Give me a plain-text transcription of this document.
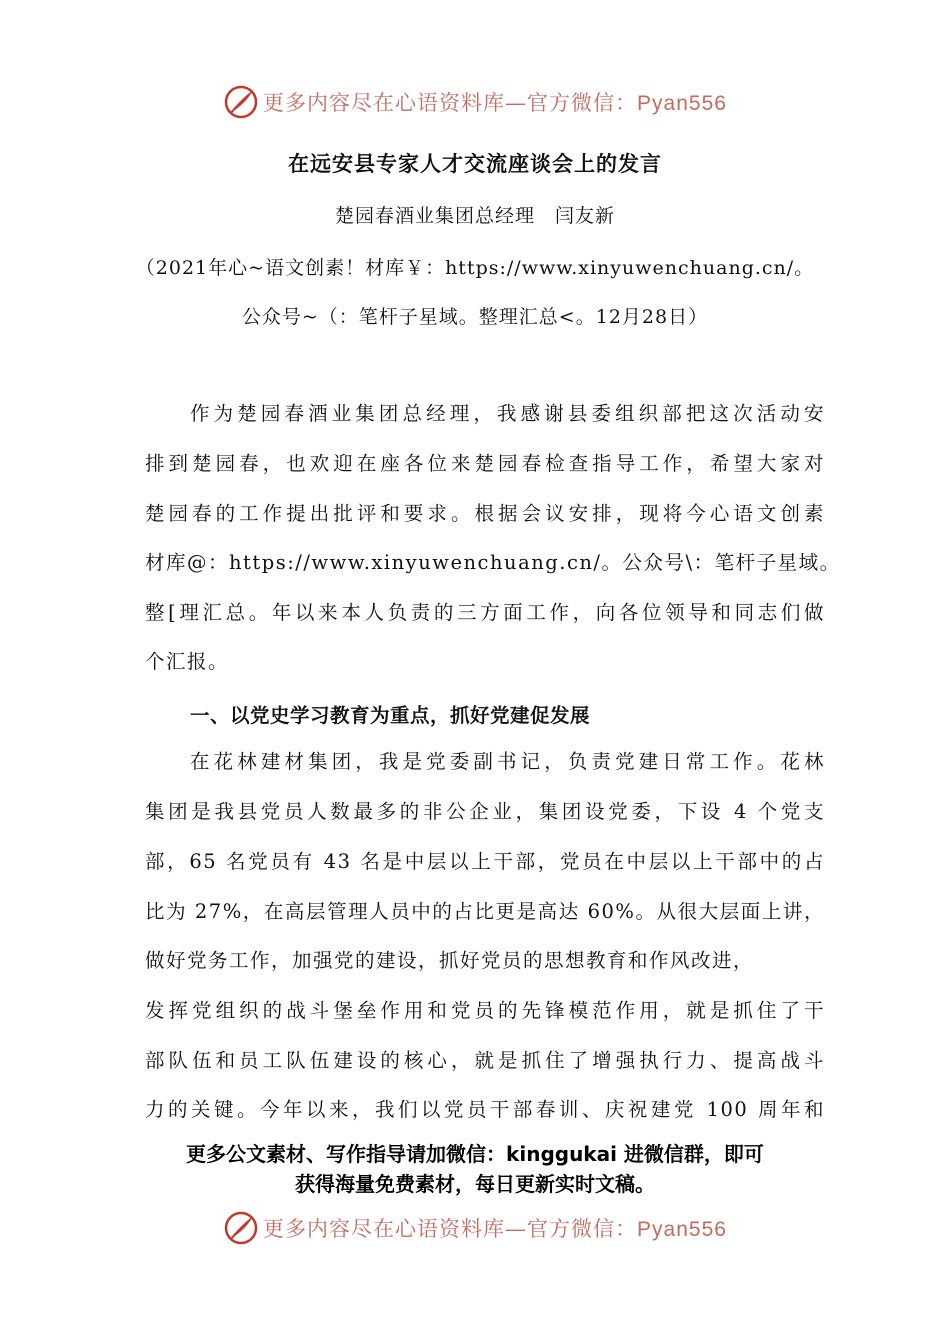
更多内容尽在心语资料库—官方微信：Pyan556
在远安县专家人才交流座谈会上的发言
楚园春酒业集团总经理　闫友新
（2021年心~语文创素！材库￥：https://www.xinyuwenchuang.cn/。
公众号~（：笔杆子星域。整理汇总<。12月28日）
作为楚园春酒业集团总经理，我感谢县委组织部把这次活动安
排到楚园春，也欢迎在座各位来楚园春检查指导工作，希望大家对
楚园春的工作提出批评和要求。根据会议安排，现将今心语文创素
材库@：https://www.xinyuwenchuang.cn/。公众号\：笔杆子星域。
整[理汇总。年以来本人负责的三方面工作，向各位领导和同志们做
个汇报。
一、以党史学习教育为重点，抓好党建促发展
在花林建材集团，我是党委副书记，负责党建日常工作。花林
集团是我县党员人数最多的非公企业，集团设党委，下设 4 个党支
部，65 名党员有 43 名是中层以上干部，党员在中层以上干部中的占
比为 27%，在高层管理人员中的占比更是高达 60%。从很大层面上讲，
做好党务工作，加强党的建设，抓好党员的思想教育和作风改进，
发挥党组织的战斗堡垒作用和党员的先锋模范作用，就是抓住了干
部队伍和员工队伍建设的核心，就是抓住了增强执行力、提高战斗
力的关键。今年以来，我们以党员干部春训、庆祝建党 100 周年和
更多公文素材、写作指导请加微信：kinggukai 进微信群，即可
获得海量免费素材，每日更新实时文稿。
更多内容尽在心语资料库—官方微信：Pyan556
